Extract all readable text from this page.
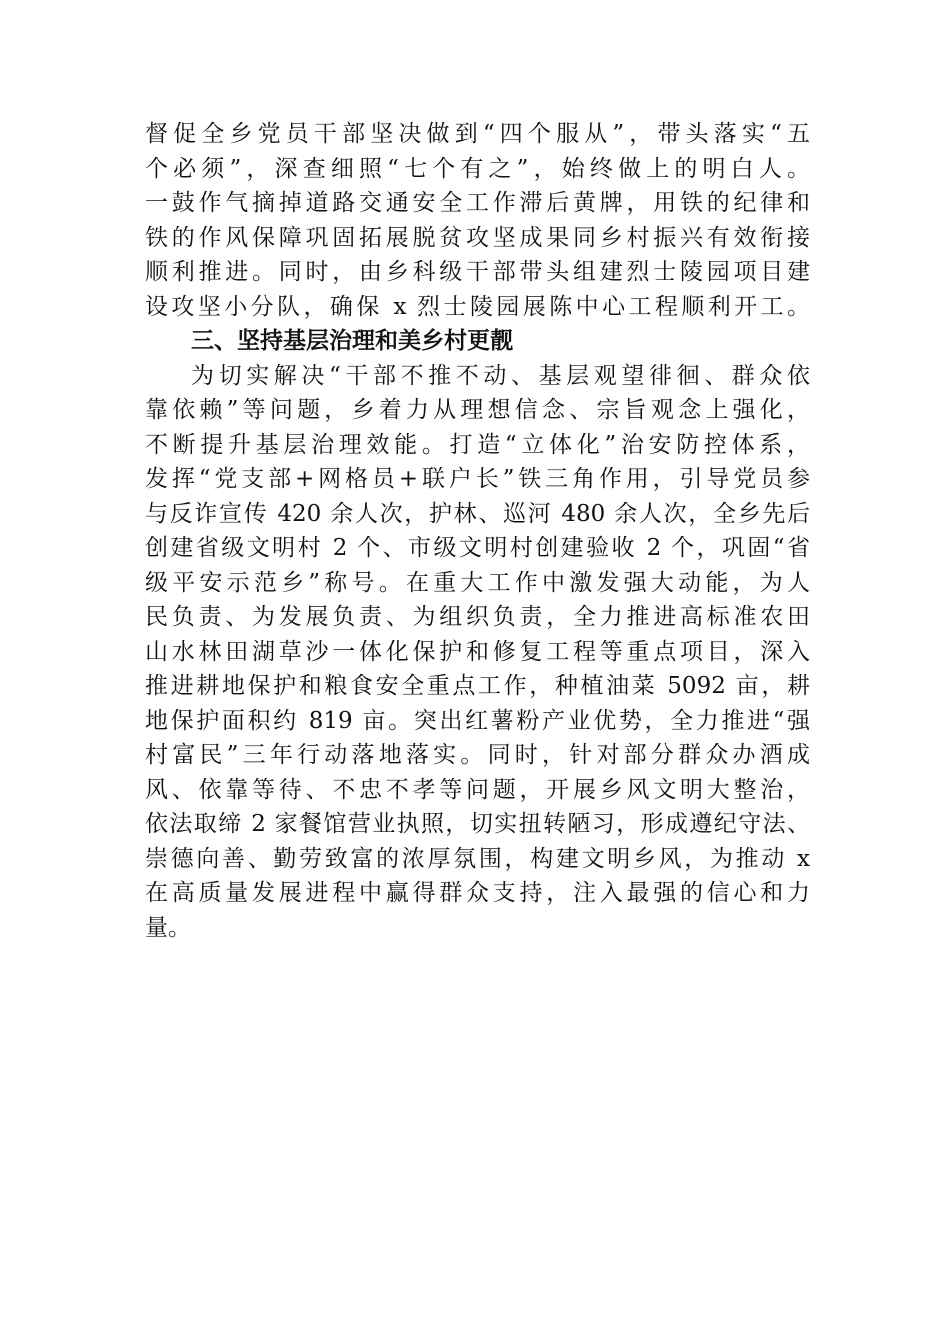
督促全乡党员干部坚决做到“四个服从”，带头落实“五
个必须”，深查细照“七个有之”，始终做上的明白人。
一鼓作气摘掉道路交通安全工作滞后黄牌，用铁的纪律和
铁的作风保障巩固拓展脱贫攻坚成果同乡村振兴有效衔接
顺利推进。同时，由乡科级干部带头组建烈士陵园项目建
设攻坚小分队，确保 x 烈士陵园展陈中心工程顺利开工。
三、坚持基层治理和美乡村更靓
为切实解决“干部不推不动、基层观望徘徊、群众依
靠依赖”等问题，乡着力从理想信念、宗旨观念上强化，
不断提升基层治理效能。打造“立体化”治安防控体系，
发挥“党支部+网格员+联户长”铁三角作用，引导党员参
与反诈宣传 420 余人次，护林、巡河 480 余人次，全乡先后
创建省级文明村 2 个、市级文明村创建验收 2 个，巩固“省
级平安示范乡”称号。在重大工作中激发强大动能，为人
民负责、为发展负责、为组织负责，全力推进高标准农田
山水林田湖草沙一体化保护和修复工程等重点项目，深入
推进耕地保护和粮食安全重点工作，种植油菜 5092 亩，耕
地保护面积约 819 亩。突出红薯粉产业优势，全力推进“强
村富民”三年行动落地落实。同时，针对部分群众办酒成
风、依靠等待、不忠不孝等问题，开展乡风文明大整治，
依法取缔 2 家餐馆营业执照，切实扭转陋习，形成遵纪守法、
崇德向善、勤劳致富的浓厚氛围，构建文明乡风，为推动 x
在高质量发展进程中赢得群众支持，注入最强的信心和力
量。
